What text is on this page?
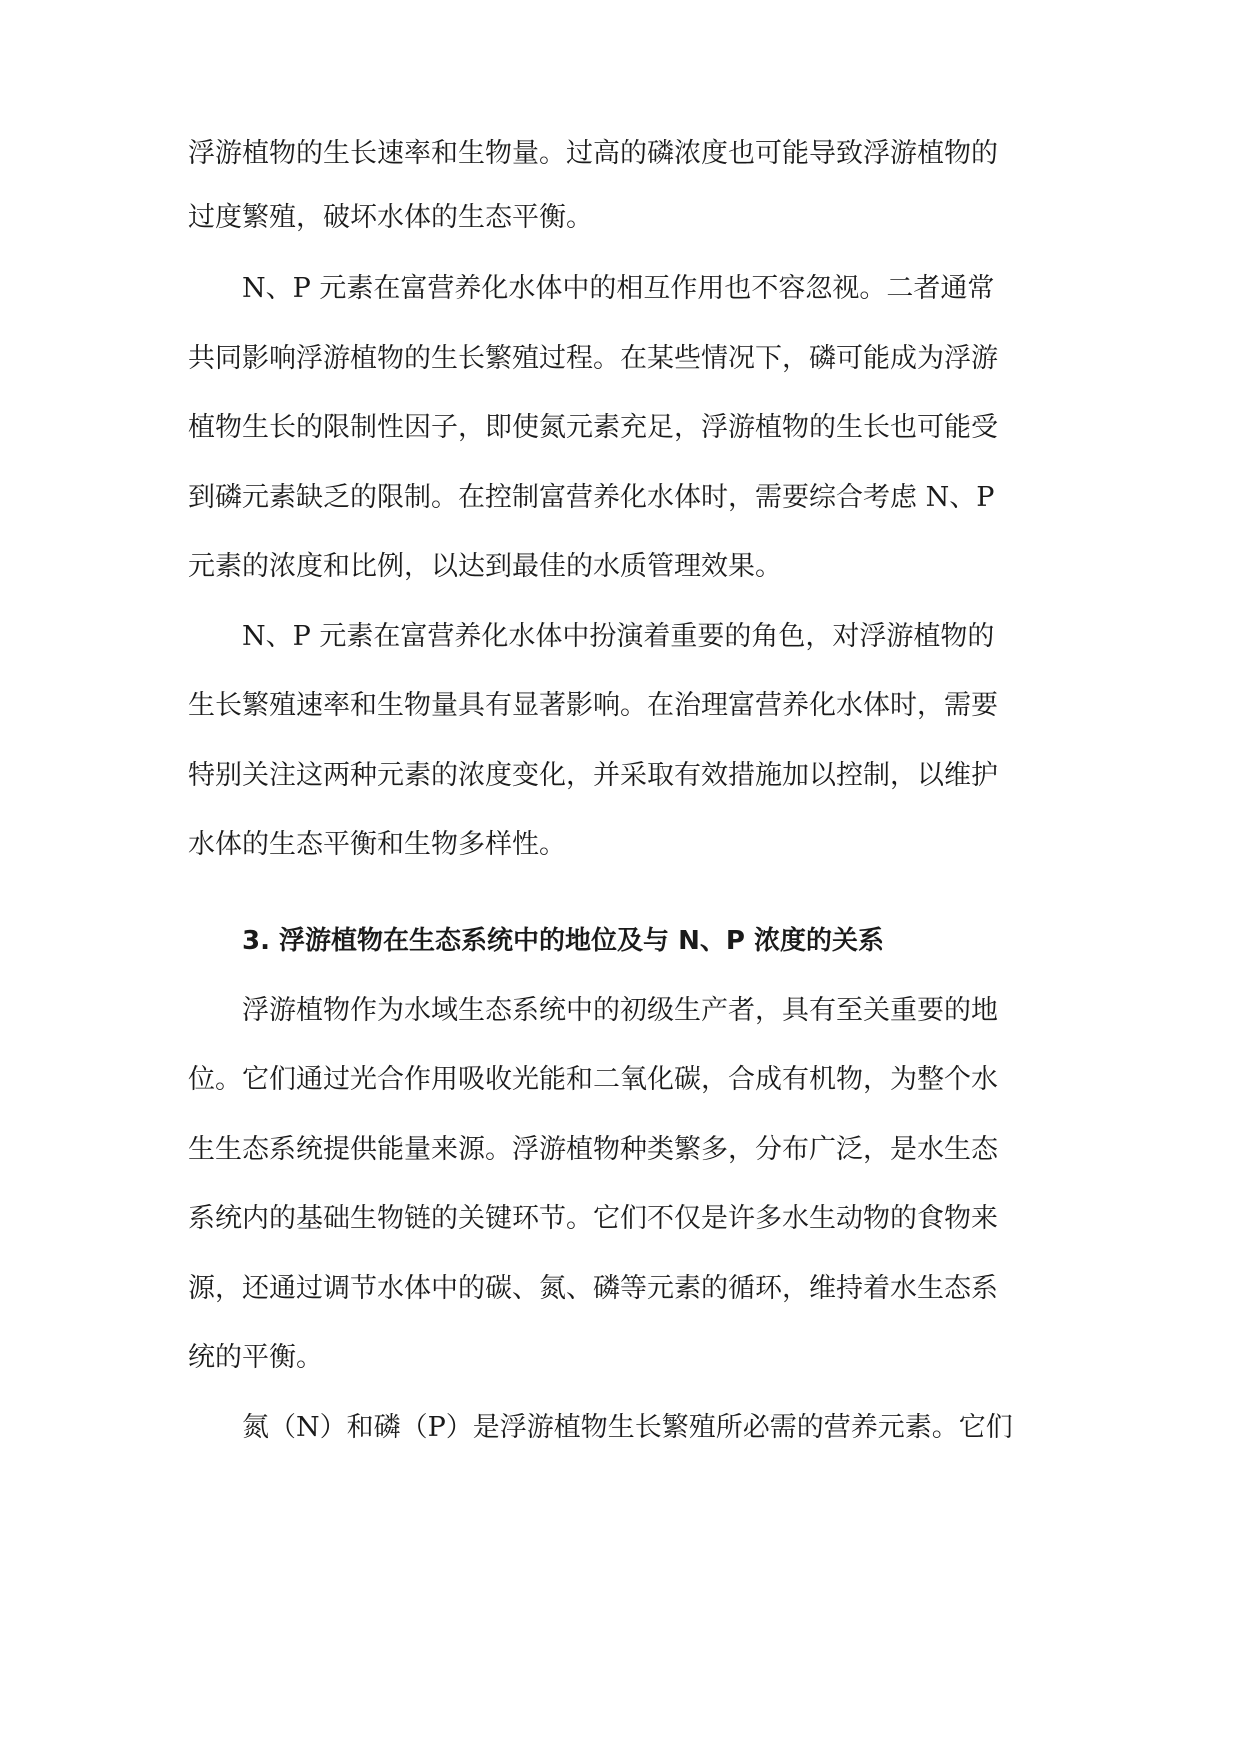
浮游植物的生长速率和生物量。过高的磷浓度也可能导致浮游植物的
过度繁殖，破坏水体的生态平衡。
N、P 元素在富营养化水体中的相互作用也不容忽视。二者通常
共同影响浮游植物的生长繁殖过程。在某些情况下，磷可能成为浮游
植物生长的限制性因子，即使氮元素充足，浮游植物的生长也可能受
到磷元素缺乏的限制。在控制富营养化水体时，需要综合考虑 N、P
元素的浓度和比例，以达到最佳的水质管理效果。
N、P 元素在富营养化水体中扮演着重要的角色，对浮游植物的
生长繁殖速率和生物量具有显著影响。在治理富营养化水体时，需要
特别关注这两种元素的浓度变化，并采取有效措施加以控制，以维护
水体的生态平衡和生物多样性。
3. 浮游植物在生态系统中的地位及与 N、P 浓度的关系
浮游植物作为水域生态系统中的初级生产者，具有至关重要的地
位。它们通过光合作用吸收光能和二氧化碳，合成有机物，为整个水
生生态系统提供能量来源。浮游植物种类繁多，分布广泛，是水生态
系统内的基础生物链的关键环节。它们不仅是许多水生动物的食物来
源，还通过调节水体中的碳、氮、磷等元素的循环，维持着水生态系
统的平衡。
氮（N）和磷（P）是浮游植物生长繁殖所必需的营养元素。它们
